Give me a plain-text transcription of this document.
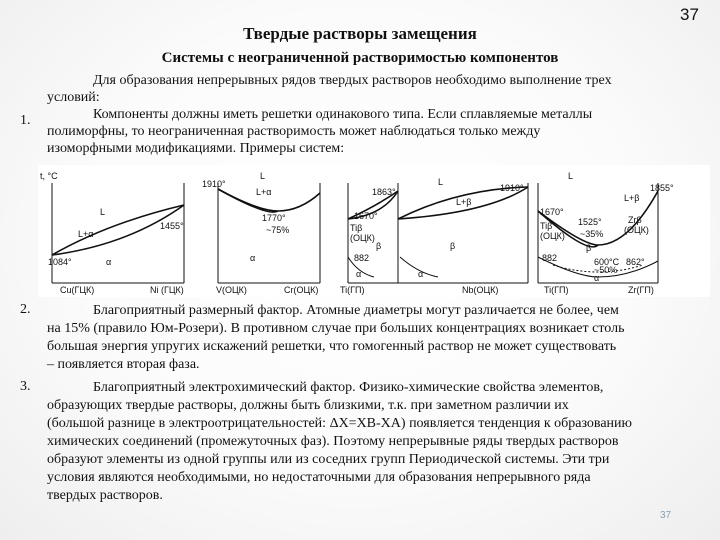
37
Твердые растворы замещения
Системы с неограниченной растворимостью компонентов
Для образования непрерывных рядов твердых растворов необходимо выполнение трех
условий:
1.	Компоненты должны иметь решетки одинакового типа. Если сплавляемые металлы
полиморфны, то неограниченная растворимость может наблюдаться только между
изоморфными модификациями. Примеры систем:
t, °C
L
L+α
α
1455°
1084°
Cu(ГЦК)	Ni (ГЦК)
1910°
L
L+α
1770°
~75%
α
V(ОЦК)	Cr(ОЦК)
1863°
1670°
Tiβ
(ОЦК)
β
882
α
Ti(ГП)
L
L+β
1910°
β
α
Nb(ОЦК)
L
L+β
1855°
1670°
1525°
~35%
Tiβ
(ОЦК)
Zrβ
(ОЦК)
β
882	600°C
~50%
862°
α
Ti(ГП)	Zr(ГП)
2.	Благоприятный размерный фактор. Атомные диаметры могут различается не более, чем
на 15% (правило Юм-Розери). В противном случае при больших концентрациях возникает столь
большая энергия упругих искажений решетки, что гомогенный раствор не может существовать
– появляется вторая фаза.
3.	Благоприятный электрохимический фактор. Физико-химические свойства элементов,
образующих твердые растворы, должны быть близкими, т.к. при заметном различии их
(большой разнице в электроотрицательностей: ΔX=XB-XA) появляется тенденция к образованию
химических соединений (промежуточных фаз). Поэтому непрерывные ряды твердых растворов
образуют элементы из одной группы или из соседних групп Периодической системы. Эти три
условия являются необходимыми, но недостаточными для образования непрерывного ряда
твердых растворов.
37
